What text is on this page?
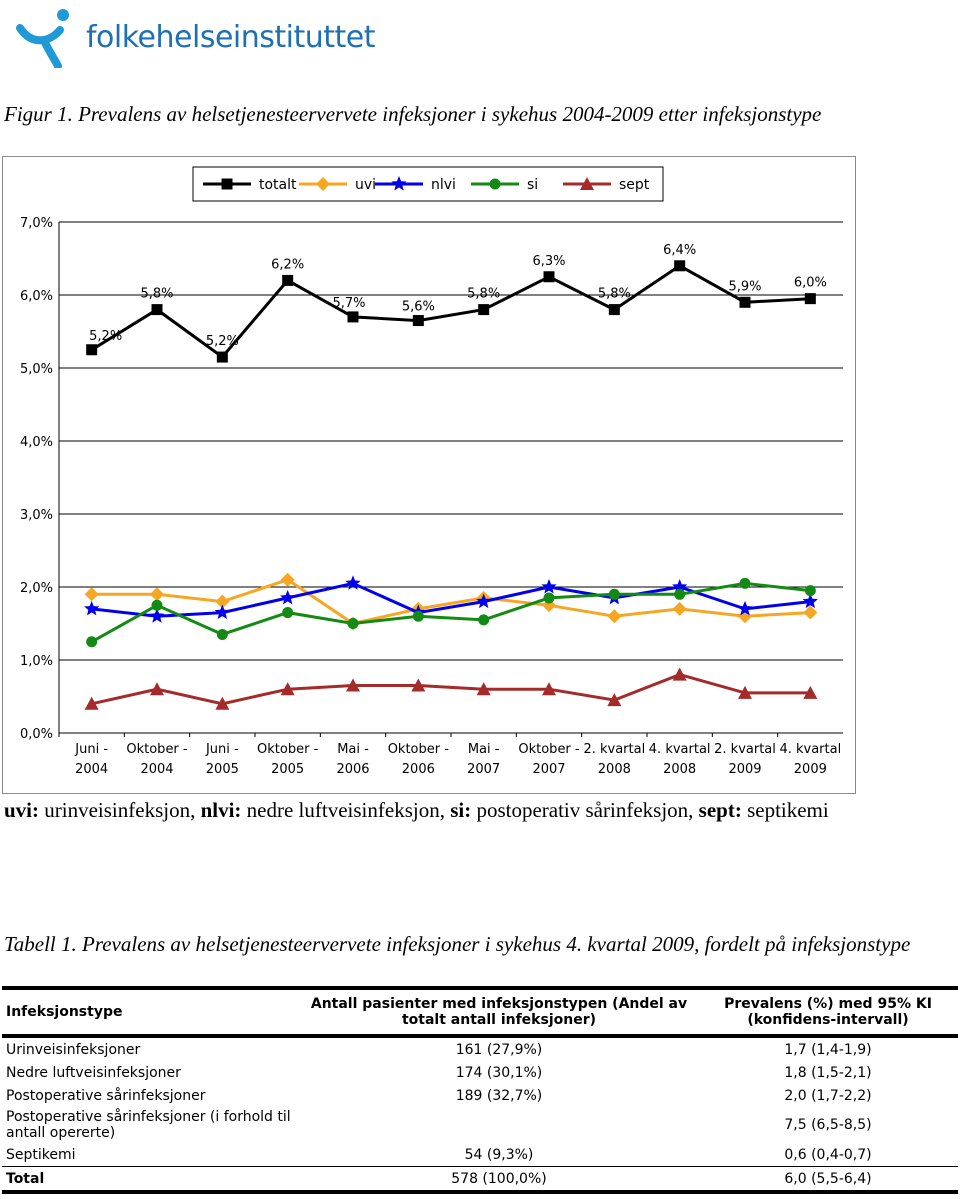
folkehelseinstituttet
Figur 1. Prevalens av helsetjenesteervervete infeksjoner i sykehus 2004-2009 etter infeksjonstype
0,0%
1,0%
2,0%
3,0%
4,0%
5,0%
6,0%
7,0%
Juni -
2004
Oktober -
2004
Juni -
2005
Oktober -
2005
Mai -
2006
Oktober -
2006
Mai -
2007
Oktober -
2007
2. kvartal
2008
4. kvartal
2008
2. kvartal
2009
4. kvartal
2009
5,2%
5,8%
5,2%
6,2%
5,7%	5,6%
5,8%
6,3%
5,8%
6,4%
5,9% 6,0%
totalt	uvi	nlvi	si	sept
uvi: urinveisinfeksjon, nlvi: nedre luftveisinfeksjon, si: postoperativ sårinfeksjon, sept: septikemi
Tabell 1. Prevalens av helsetjenesteervervete infeksjoner i sykehus 4. kvartal 2009, fordelt på infeksjonstype
Infeksjonstype	Antall pasienter med infeksjonstypen (Andel av totalt antall infeksjoner)	Prevalens (%) med 95% KI (konfidens-intervall)
Urinveisinfeksjoner	161 (27,9%)	1,7 (1,4-1,9)
Nedre luftveisinfeksjoner	174 (30,1%)	1,8 (1,5-2,1)
Postoperative sårinfeksjoner	189 (32,7%)	2,0 (1,7-2,2)
Postoperative sårinfeksjoner (i forhold til antall opererte)		7,5 (6,5-8,5)
Septikemi	54 (9,3%)	0,6 (0,4-0,7)
Total	578 (100,0%)	6,0 (5,5-6,4)
